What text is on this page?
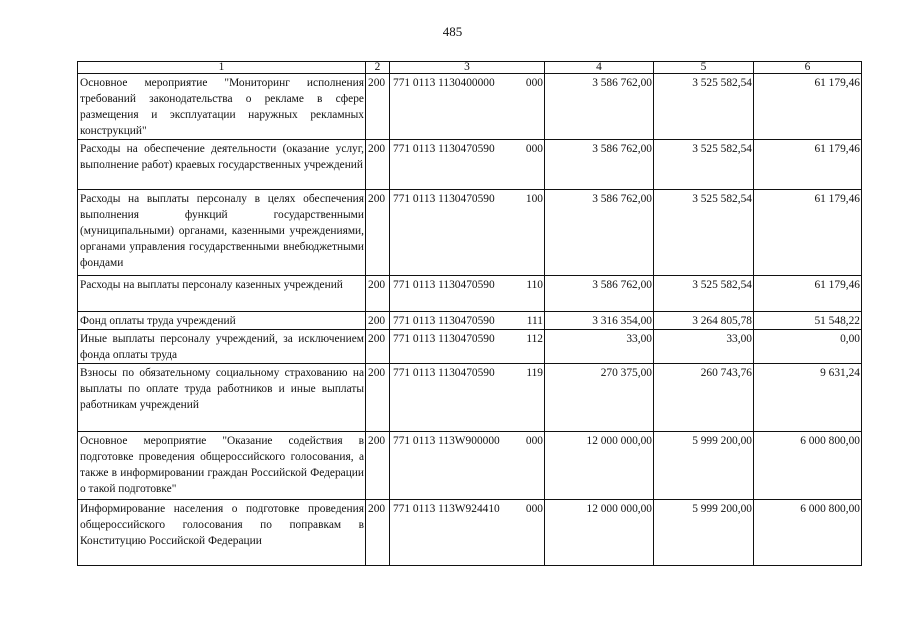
485
1	2	3	4	5	6
Основное мероприятие "Мониторинг исполнения требований законодательства о рекламе в сфере размещения и эксплуатации наружных рекламных конструкций"	200	771 0113 1130400000 000	3 586 762,00	3 525 582,54	61 179,46
Расходы на обеспечение деятельности (оказание услуг, выполнение работ) краевых государственных учреждений	200	771 0113 1130470590 000	3 586 762,00	3 525 582,54	61 179,46
Расходы на выплаты персоналу в целях обеспечения выполнения функций государственными (муниципальными) органами, казенными учреждениями, органами управления государственными внебюджетными фондами	200	771 0113 1130470590 100	3 586 762,00	3 525 582,54	61 179,46
Расходы на выплаты персоналу казенных учреждений	200	771 0113 1130470590 110	3 586 762,00	3 525 582,54	61 179,46
Фонд оплаты труда учреждений	200	771 0113 1130470590 111	3 316 354,00	3 264 805,78	51 548,22
Иные выплаты персоналу учреждений, за исключением фонда оплаты труда	200	771 0113 1130470590 112	33,00	33,00	0,00
Взносы по обязательному социальному страхованию на выплаты по оплате труда работников и иные выплаты работникам учреждений	200	771 0113 1130470590 119	270 375,00	260 743,76	9 631,24
Основное мероприятие "Оказание содействия в подготовке проведения общероссийского голосования, а также в информировании граждан Российской Федерации о такой подготовке"	200	771 0113 113W900000 000	12 000 000,00	5 999 200,00	6 000 800,00
Информирование населения о подготовке проведения общероссийского голосования по поправкам в Конституцию Российской Федерации	200	771 0113 113W924410 000	12 000 000,00	5 999 200,00	6 000 800,00
